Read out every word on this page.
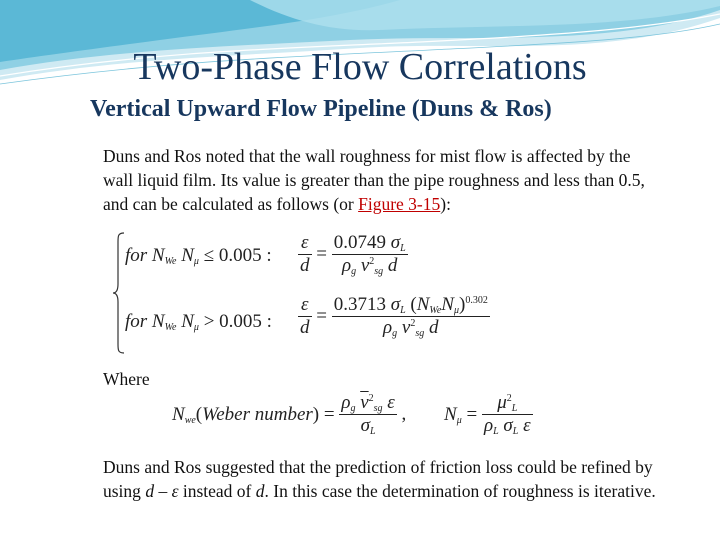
Two-Phase Flow Correlations
Vertical Upward Flow Pipeline (Duns & Ros)
Duns and Ros noted that the wall roughness for mist flow is affected by the wall liquid film. Its value is greater than the pipe roughness and less than 0.5, and can be calculated as follows (or Figure 3-15):
for $N_{We}$ $N_\mu \le 0.005$ : $\frac{\varepsilon}{d} = \frac{0.0749 \sigma_L}{\rho_g \overline{v}^2_{sg} d}$
for $N_{We}$ $N_\mu > 0.005$ : $\frac{\varepsilon}{d} = \frac{0.3713 \sigma_L (N_{We}N_\mu)^{0.302}}{\rho_g \overline{v}^2_{sg} d}$
Where
$N_{we}(Weber$ number) = $\frac{\rho_g \overline{v}^2_{sg} \varepsilon}{\sigma_L}$ , $N_\mu = \frac{\mu^2_L}{\rho_L \sigma_L \varepsilon}$
Duns and Ros suggested that the prediction of friction loss could be refined by using d – ε instead of d. In this case the determination of roughness is iterative.
